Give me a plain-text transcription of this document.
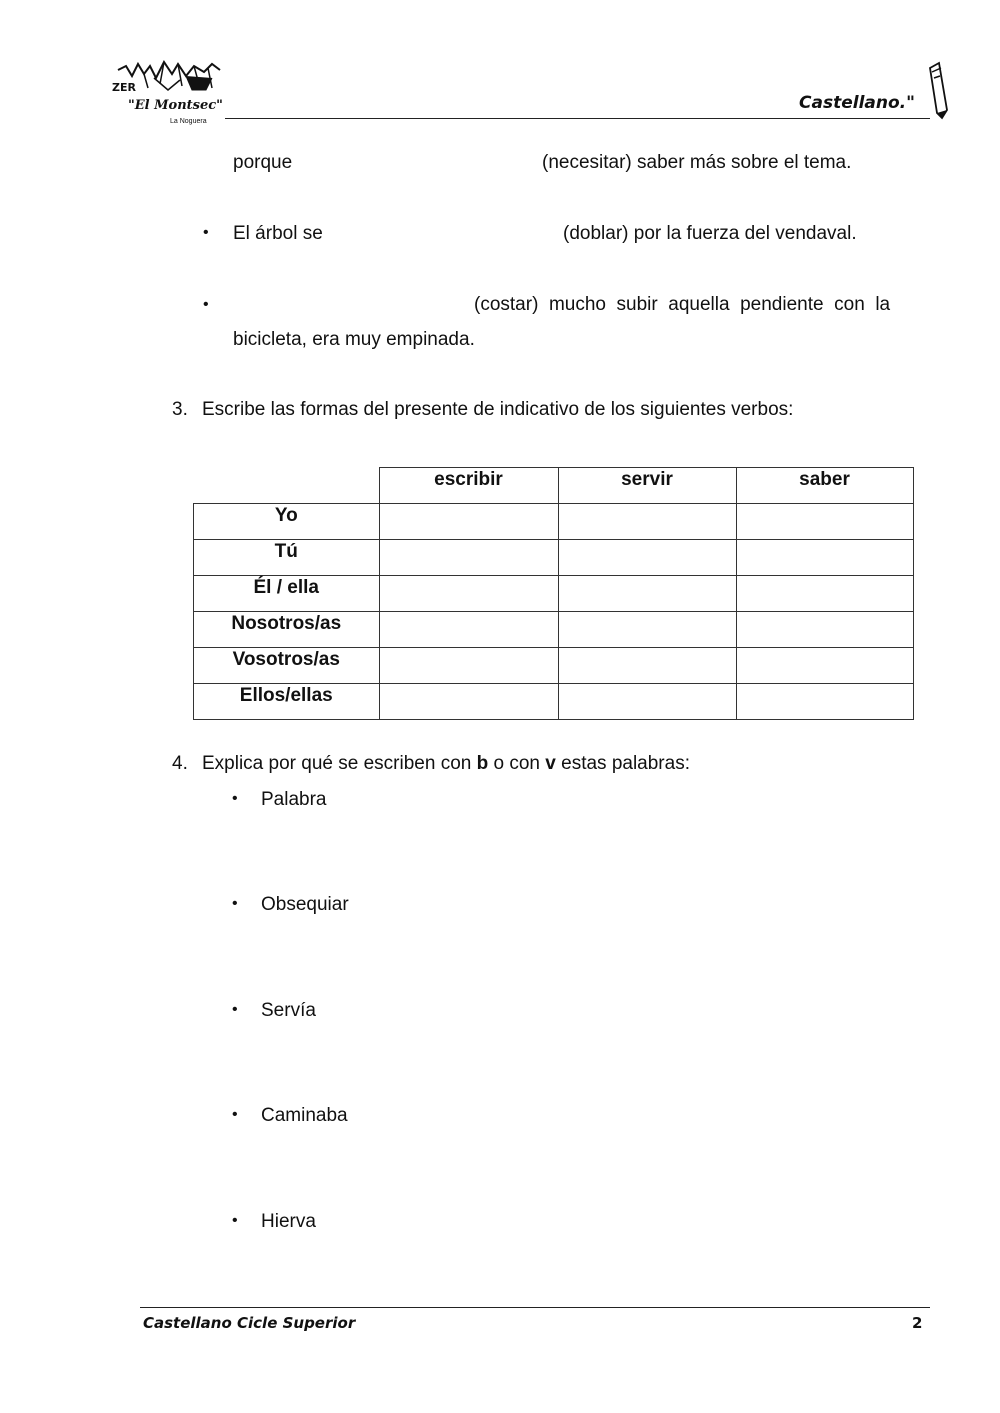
ZER
"El Montsec"
La Noguera
Castellano."
porque	(necesitar) saber más sobre el tema.
• El árbol se	(doblar) por la fuerza del vendaval.
•	(costar)  mucho  subir  aquella  pendiente  con  la
bicicleta, era muy empinada.
3. Escribe las formas del presente de indicativo de los siguientes verbos:
	escribir	servir	saber
Yo			
Tú			
Él / ella			
Nosotros/as			
Vosotros/as			
Ellos/ellas			
4. Explica por qué se escriben con b o con v estas palabras:
• Palabra
• Obsequiar
• Servía
• Caminaba
• Hierva
Castellano Cicle Superior	2
